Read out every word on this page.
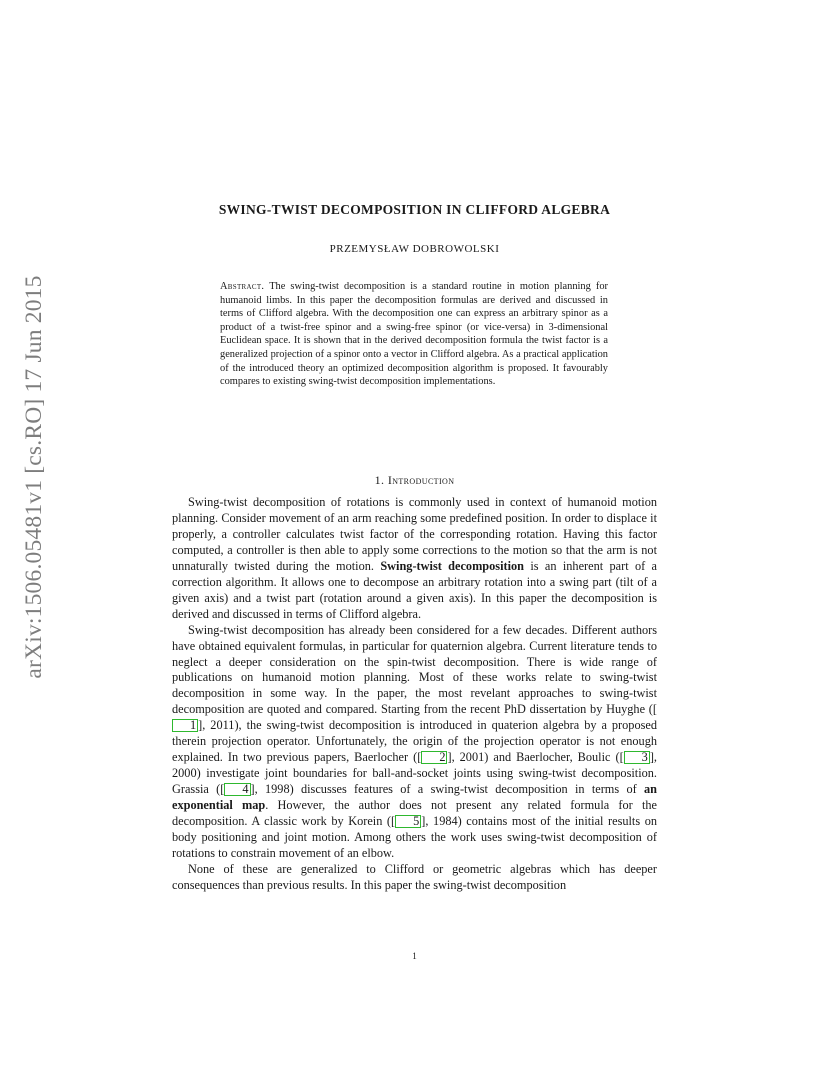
arXiv:1506.05481v1 [cs.RO] 17 Jun 2015
SWING-TWIST DECOMPOSITION IN CLIFFORD ALGEBRA
PRZEMYSŁAW DOBROWOLSKI
Abstract. The swing-twist decomposition is a standard routine in motion planning for humanoid limbs. In this paper the decomposition formulas are derived and discussed in terms of Clifford algebra. With the decomposition one can express an arbitrary spinor as a product of a twist-free spinor and a swing-free spinor (or vice-versa) in 3-dimensional Euclidean space. It is shown that in the derived decomposition formula the twist factor is a generalized projection of a spinor onto a vector in Clifford algebra. As a practical application of the introduced theory an optimized decomposition algorithm is proposed. It favourably compares to existing swing-twist decomposition implementations.
1. Introduction

Swing-twist decomposition of rotations is commonly used in context of humanoid motion planning. Consider movement of an arm reaching some predefined position. In order to displace it properly, a controller calculates twist factor of the corresponding rotation. Having this factor computed, a controller is then able to apply some corrections to the motion so that the arm is not unnaturally twisted during the motion. Swing-twist decomposition is an inherent part of a correction algorithm. It allows one to decompose an arbitrary rotation into a swing part (tilt of a given axis) and a twist part (rotation around a given axis). In this paper the decomposition is derived and discussed in terms of Clifford algebra.

Swing-twist decomposition has already been considered for a few decades. Different authors have obtained equivalent formulas, in particular for quaternion algebra. Current literature tends to neglect a deeper consideration on the spin-twist decomposition. There is wide range of publications on humanoid motion planning. Most of these works relate to swing-twist decomposition in some way. In the paper, the most revelant approaches to swing-twist decomposition are quoted and compared. Starting from the recent PhD dissertation by Huyghe ([1 ], 2011), the swing-twist decomposition is introduced in quaterion algebra by a proposed therein projection operator. Unfortunately, the origin of the projection operator is not enough explained. In two previous papers, Baerlocher ([ 2 ], 2001) and Baerlocher, Boulic ([ 3 ], 2000) investigate joint boundaries for ball-and-socket joints using swing-twist decomposition. Grassia ([ 4 ], 1998) discusses features of a swing-twist decomposition in terms of an exponential map. However, the author does not present any related formula for the decomposition. A classic work by Korein ([ 5 ], 1984) contains most of the initial results on body positioning and joint motion. Among others the work uses swing-twist decomposition of rotations to constrain movement of an elbow.

None of these are generalized to Clifford or geometric algebras which has deeper consequences than previous results. In this paper the swing-twist decomposition

1
